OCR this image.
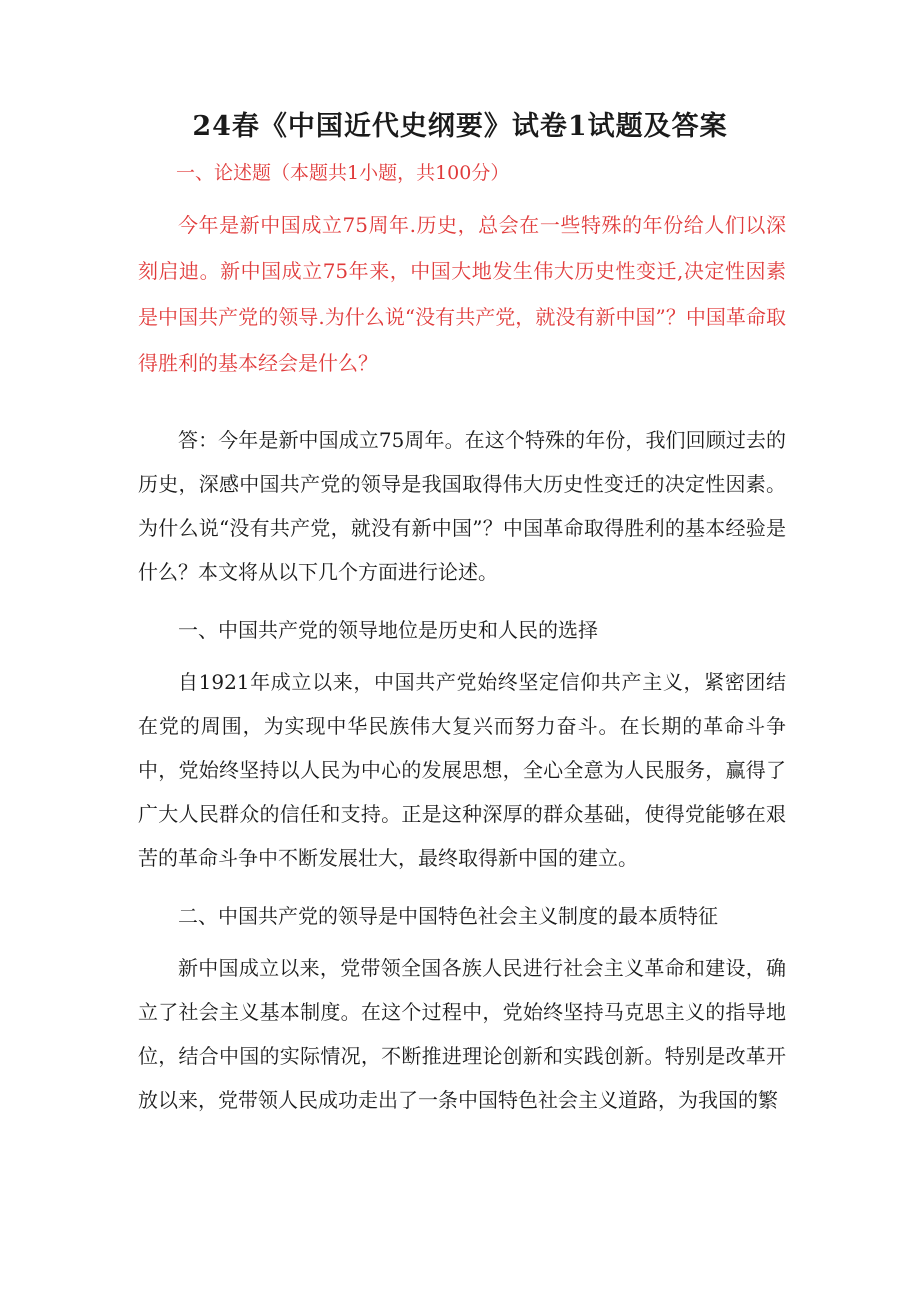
24春《中国近代史纲要》试卷1试题及答案

一、论述题（本题共1小题，共100分）

今年是新中国成立75周年.历史，总会在一些特殊的年份给人们以深刻启迪。新中国成立75年来，中国大地发生伟大历史性变迁,决定性因素是中国共产党的领导.为什么说“没有共产党，就没有新中国”？中国革命取得胜利的基本经会是什么？

答：今年是新中国成立75周年。在这个特殊的年份，我们回顾过去的历史，深感中国共产党的领导是我国取得伟大历史性变迁的决定性因素。为什么说“没有共产党，就没有新中国”？中国革命取得胜利的基本经验是什么？本文将从以下几个方面进行论述。

一、中国共产党的领导地位是历史和人民的选择

自1921年成立以来，中国共产党始终坚定信仰共产主义，紧密团结在党的周围，为实现中华民族伟大复兴而努力奋斗。在长期的革命斗争中，党始终坚持以人民为中心的发展思想，全心全意为人民服务，赢得了广大人民群众的信任和支持。正是这种深厚的群众基础，使得党能够在艰苦的革命斗争中不断发展壮大，最终取得新中国的建立。

二、中国共产党的领导是中国特色社会主义制度的最本质特征

新中国成立以来，党带领全国各族人民进行社会主义革命和建设，确立了社会主义基本制度。在这个过程中，党始终坚持马克思主义的指导地位，结合中国的实际情况，不断推进理论创新和实践创新。特别是改革开放以来，党带领人民成功走出了一条中国特色社会主义道路，为我国的繁
